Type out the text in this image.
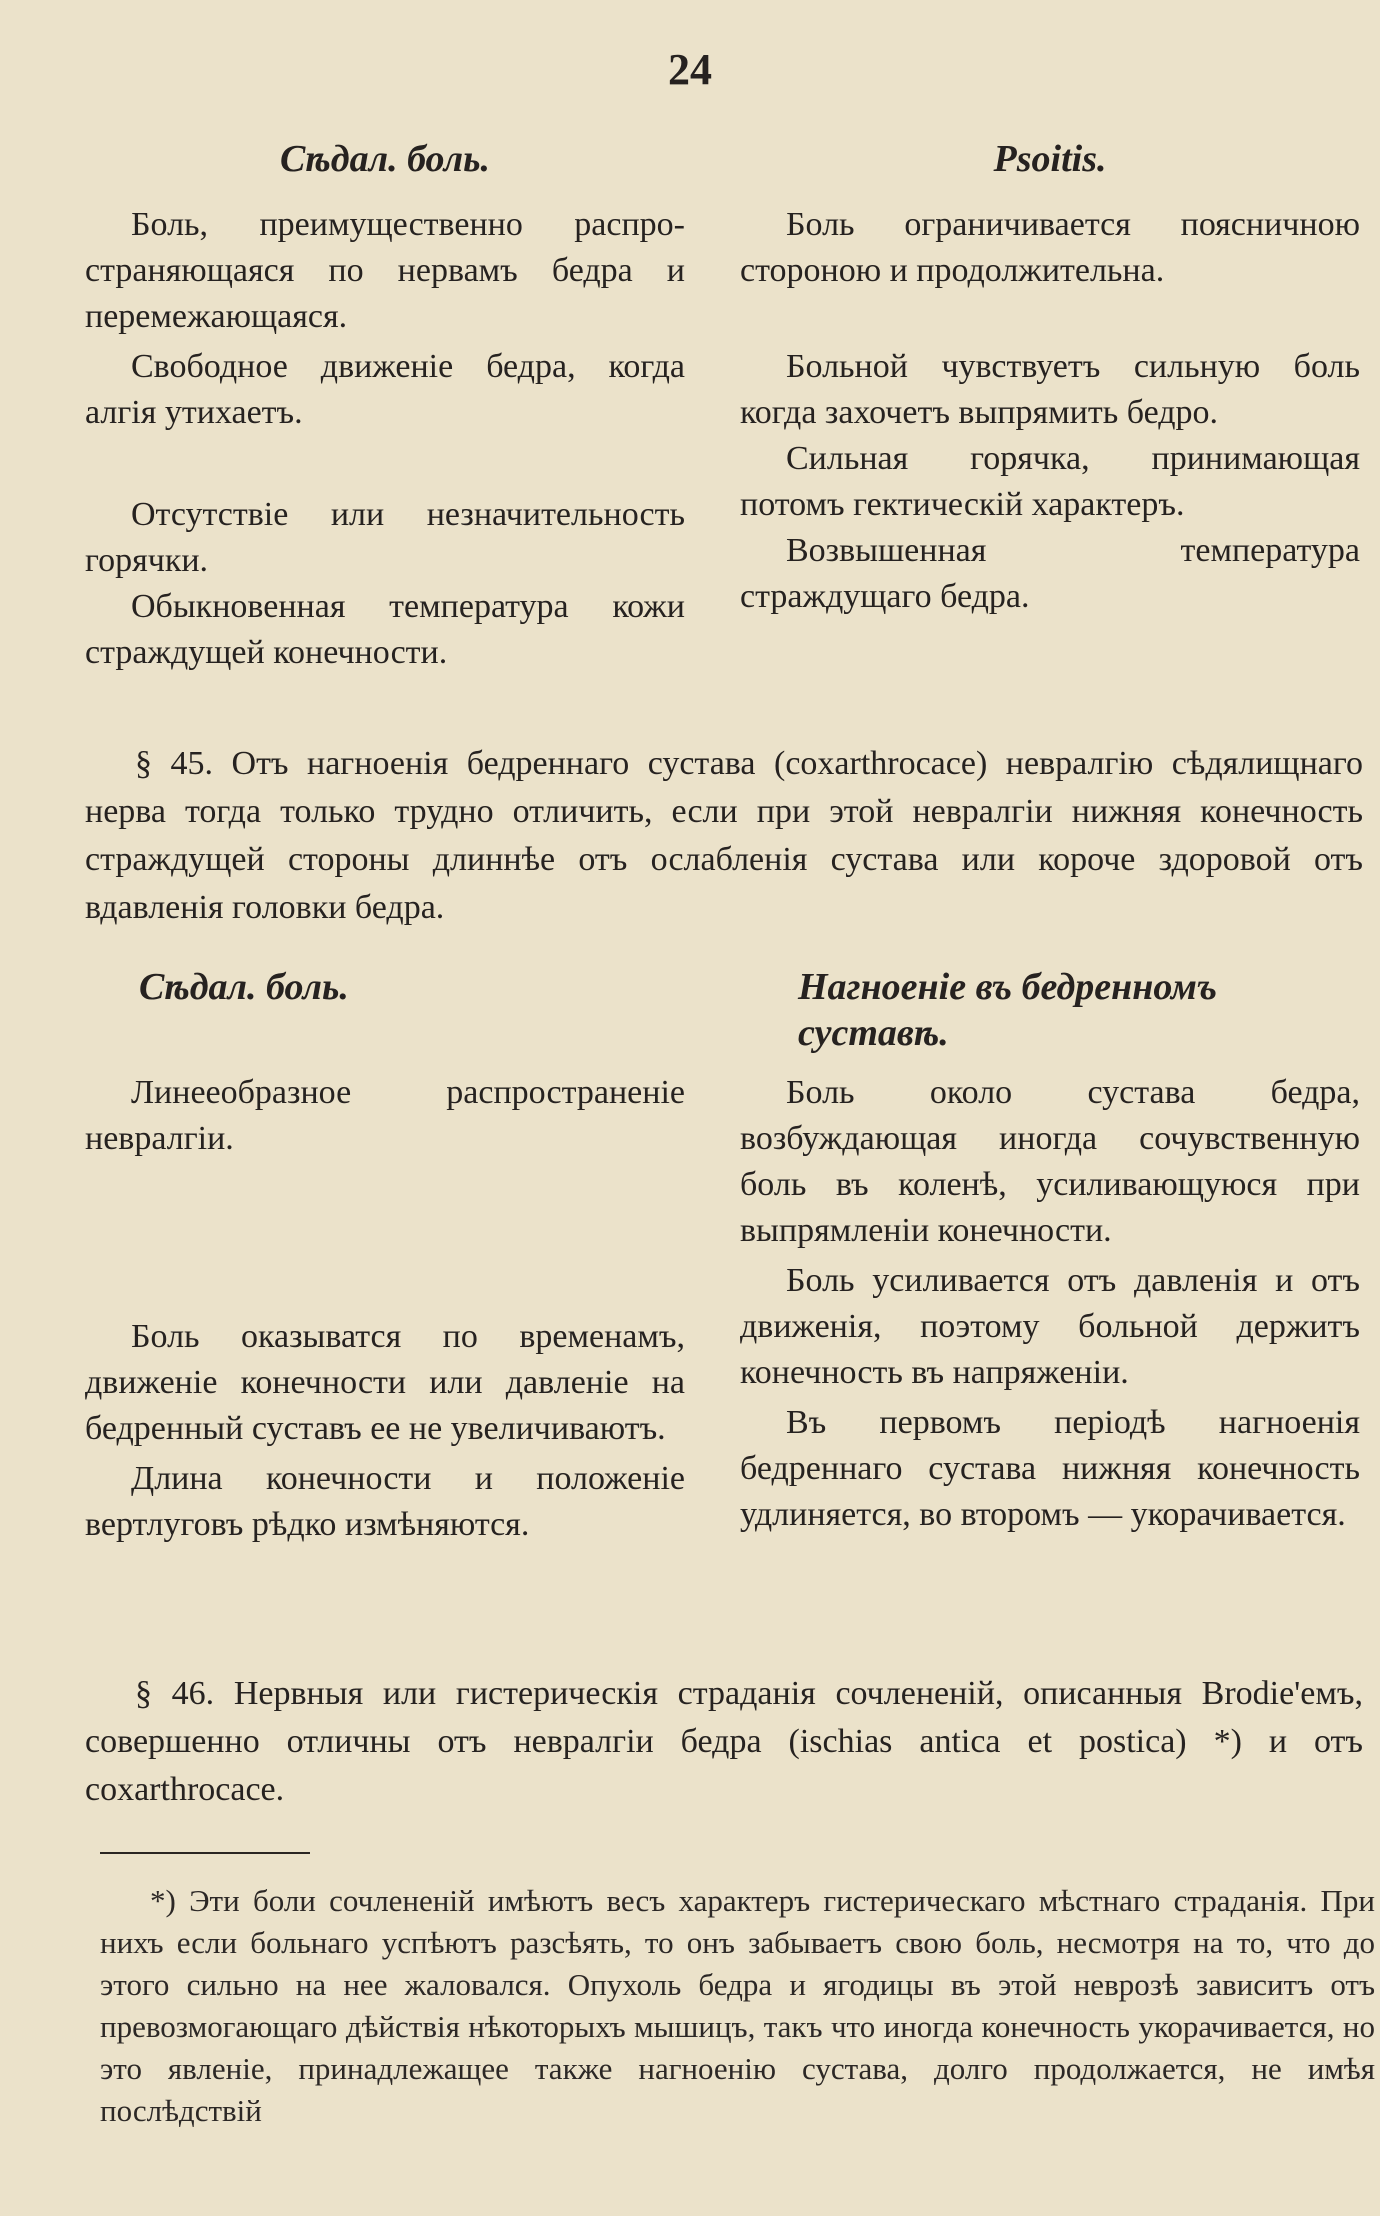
24

Сѣдал. боль.

Боль, преимущественно распро-страняющаяся по нервамъ бедра и перемежающаяся.

Свободное движеніе бедра, когда алгія утихаетъ.

Отсутствіе или незначительность горячки.

Обыкновенная температура кожи страждущей конечности.

Psoitis.

Боль ограничивается поясничною стороною и продолжительна.

Больной чувствуетъ сильную боль когда захочетъ выпрямить бедро.

Сильная горячка, принимающая потомъ гектическій характеръ.

Возвышенная температура страждущаго бедра.

§ 45. Отъ нагноенія бедреннаго сустава (coxarthrocace) невралгію сѣдялищнаго нерва тогда только трудно отличить, если при этой невралгіи нижняя конечность страждущей стороны длиннѣе отъ ослабленія сустава или короче здоровой отъ вдавленія головки бедра.

Сѣдал. боль.

Линееобразное распространеніе невралгіи.

Боль оказыватся по временамъ, движеніе конечности или давленіе на бедренный суставъ ее не увеличиваютъ.

Длина конечности и положеніе вертлуговъ рѣдко измѣняются.

Нагноеніе въ бедренномъ суставѣ.

Боль около сустава бедра, возбуждающая иногда сочувственную боль въ коленѣ, усиливающуюся при выпрямленіи конечности.

Боль усиливается отъ давленія и отъ движенія, поэтому больной держитъ конечность въ напряженіи.

Въ первомъ періодѣ нагноенія бедреннаго сустава нижняя конечность удлиняется, во второмъ — укорачивается.

§ 46. Нервныя или гистерическія страданія сочлененій, описанныя Brodie'емъ, совершенно отличны отъ невралгіи бедра (ischias antica et postica) *) и отъ coxarthrocace.

*) Эти боли сочлененій имѣютъ весъ характеръ гистерическаго мѣстнаго страданія. При нихъ если больнаго успѣютъ разсѣять, то онъ забываетъ свою боль, несмотря на то, что до этого сильно на нее жаловался. Опухоль бедра и ягодицы въ этой неврозѣ зависитъ отъ превозмогающаго дѣйствія нѣкоторыхъ мышицъ, такъ что иногда конечность укорачивается, но это явленіе, принадлежащее также нагноенію сустава, долго продолжается, не имѣя послѣдствій
